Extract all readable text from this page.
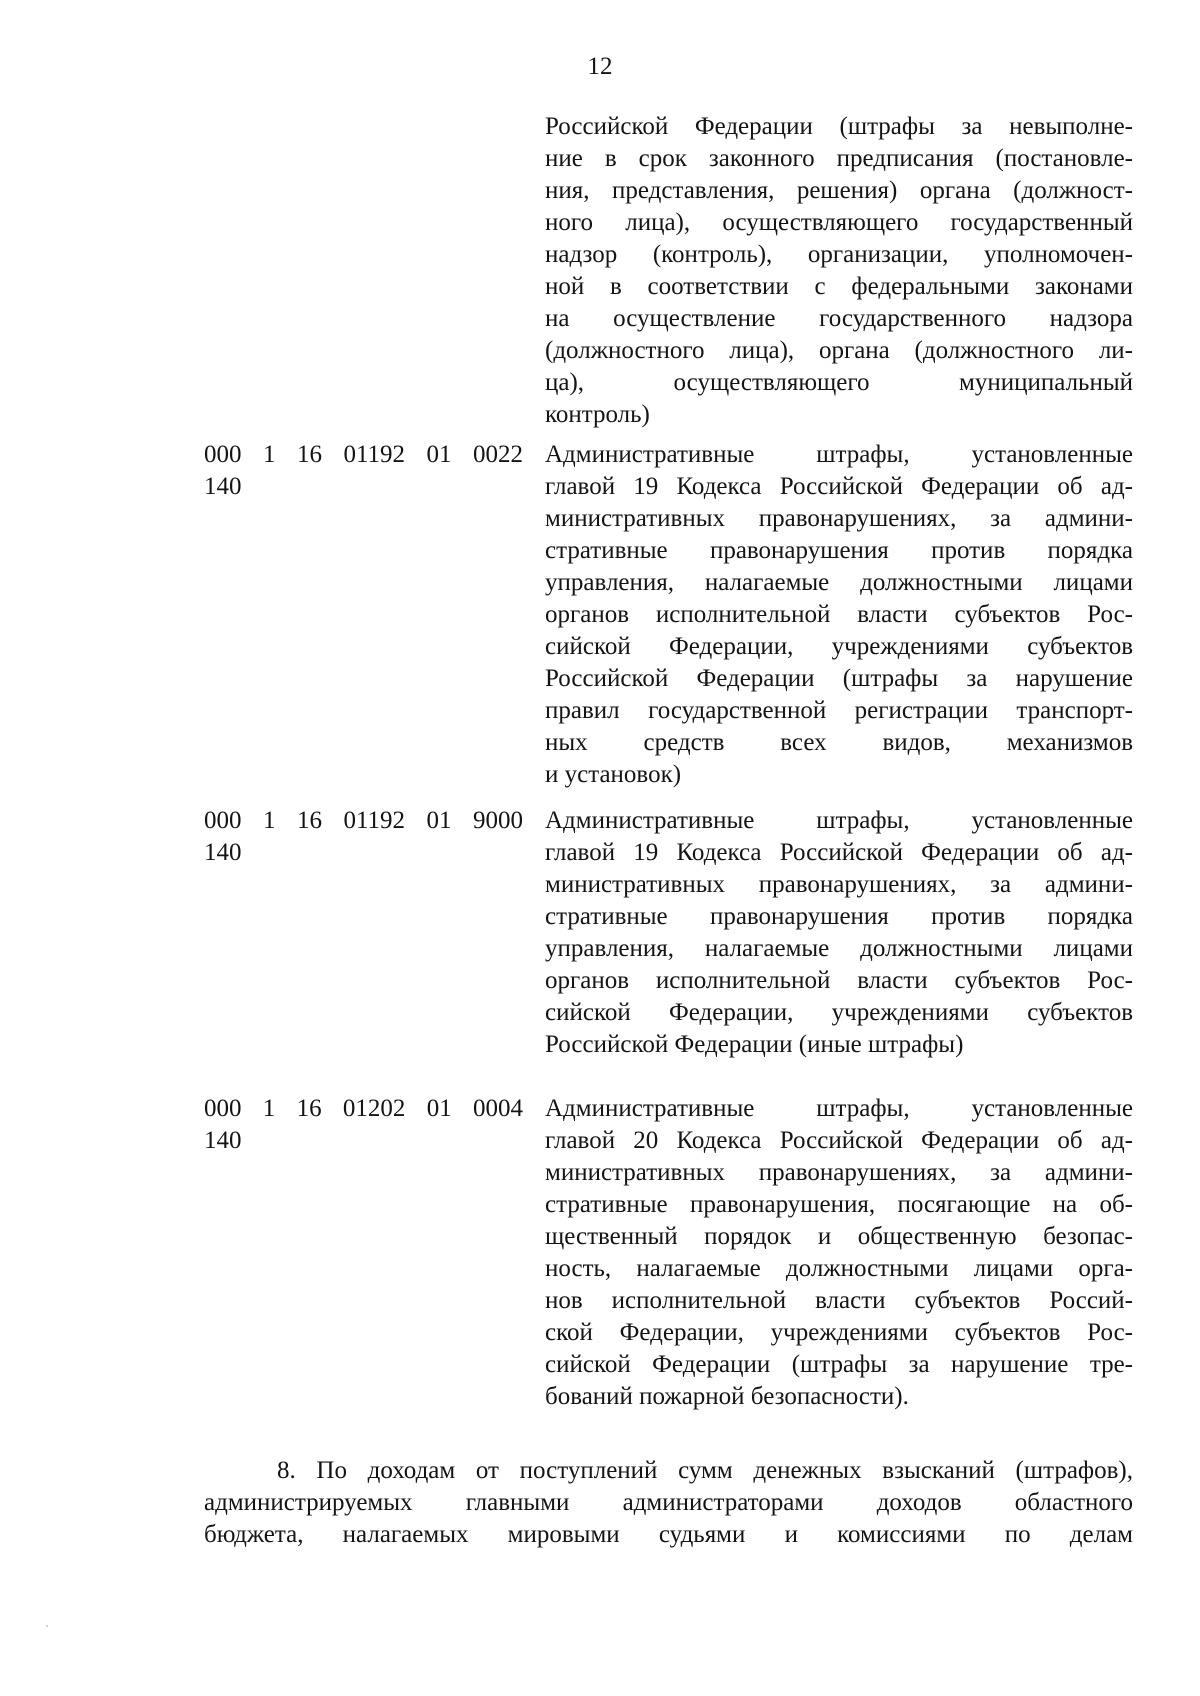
12
Российской Федерации (штрафы за невыполне-
ние в срок законного предписания (постановле-
ния, представления, решения) органа (должност-
ного лица), осуществляющего государственный
надзор (контроль), организации, уполномочен-
ной в соответствии с федеральными законами
на осуществление государственного надзора
(должностного лица), органа (должностного ли-
ца), осуществляющего муниципальный
контроль)
000 1 16 01192 01 0022
140
Административные штрафы, установленные
главой 19 Кодекса Российской Федерации об ад-
министративных правонарушениях, за админи-
стративные правонарушения против порядка
управления, налагаемые должностными лицами
органов исполнительной власти субъектов Рос-
сийской Федерации, учреждениями субъектов
Российской Федерации (штрафы за нарушение
правил государственной регистрации транспорт-
ных средств всех видов, механизмов
и установок)
000 1 16 01192 01 9000
140
Административные штрафы, установленные
главой 19 Кодекса Российской Федерации об ад-
министративных правонарушениях, за админи-
стративные правонарушения против порядка
управления, налагаемые должностными лицами
органов исполнительной власти субъектов Рос-
сийской Федерации, учреждениями субъектов
Российской Федерации (иные штрафы)
000 1 16 01202 01 0004
140
Административные штрафы, установленные
главой 20 Кодекса Российской Федерации об ад-
министративных правонарушениях, за админи-
стративные правонарушения, посягающие на об-
щественный порядок и общественную безопас-
ность, налагаемые должностными лицами орга-
нов исполнительной власти субъектов Россий-
ской Федерации, учреждениями субъектов Рос-
сийской Федерации (штрафы за нарушение тре-
бований пожарной безопасности).
8. По доходам от поступлений сумм денежных взысканий (штрафов),
администрируемых главными администраторами доходов областного
бюджета, налагаемых мировыми судьями и комиссиями по делам
